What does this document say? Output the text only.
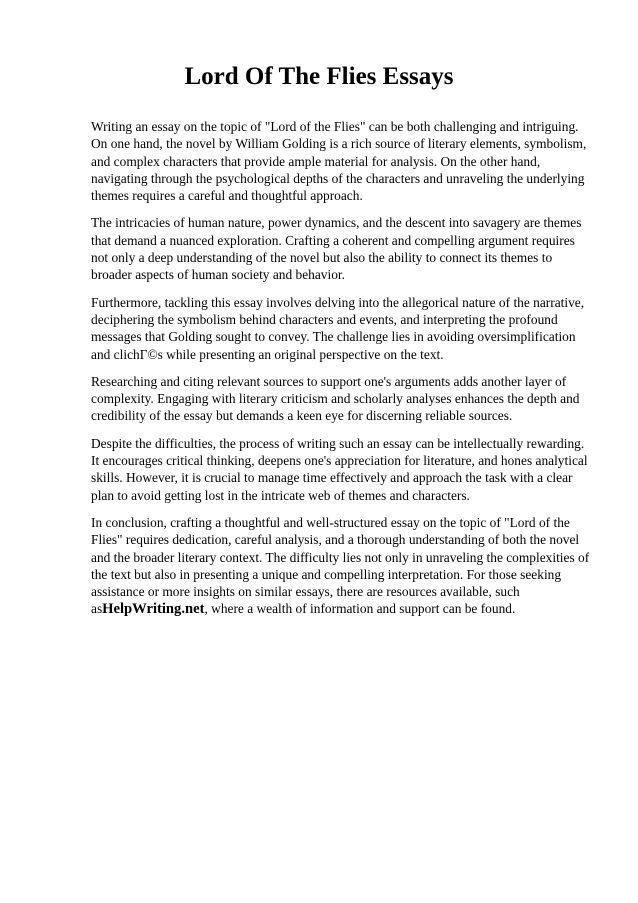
Lord Of The Flies Essays

Writing an essay on the topic of "Lord of the Flies" can be both challenging and intriguing. On one hand, the novel by William Golding is a rich source of literary elements, symbolism, and complex characters that provide ample material for analysis. On the other hand, navigating through the psychological depths of the characters and unraveling the underlying themes requires a careful and thoughtful approach.

The intricacies of human nature, power dynamics, and the descent into savagery are themes that demand a nuanced exploration. Crafting a coherent and compelling argument requires not only a deep understanding of the novel but also the ability to connect its themes to broader aspects of human society and behavior.

Furthermore, tackling this essay involves delving into the allegorical nature of the narrative, deciphering the symbolism behind characters and events, and interpreting the profound messages that Golding sought to convey. The challenge lies in avoiding oversimplification and clichГ©s while presenting an original perspective on the text.

Researching and citing relevant sources to support one's arguments adds another layer of complexity. Engaging with literary criticism and scholarly analyses enhances the depth and credibility of the essay but demands a keen eye for discerning reliable sources.

Despite the difficulties, the process of writing such an essay can be intellectually rewarding. It encourages critical thinking, deepens one's appreciation for literature, and hones analytical skills. However, it is crucial to manage time effectively and approach the task with a clear plan to avoid getting lost in the intricate web of themes and characters.

In conclusion, crafting a thoughtful and well-structured essay on the topic of "Lord of the Flies" requires dedication, careful analysis, and a thorough understanding of both the novel and the broader literary context. The difficulty lies not only in unraveling the complexities of the text but also in presenting a unique and compelling interpretation. For those seeking assistance or more insights on similar essays, there are resources available, such asHelpWriting.net, where a wealth of information and support can be found.
